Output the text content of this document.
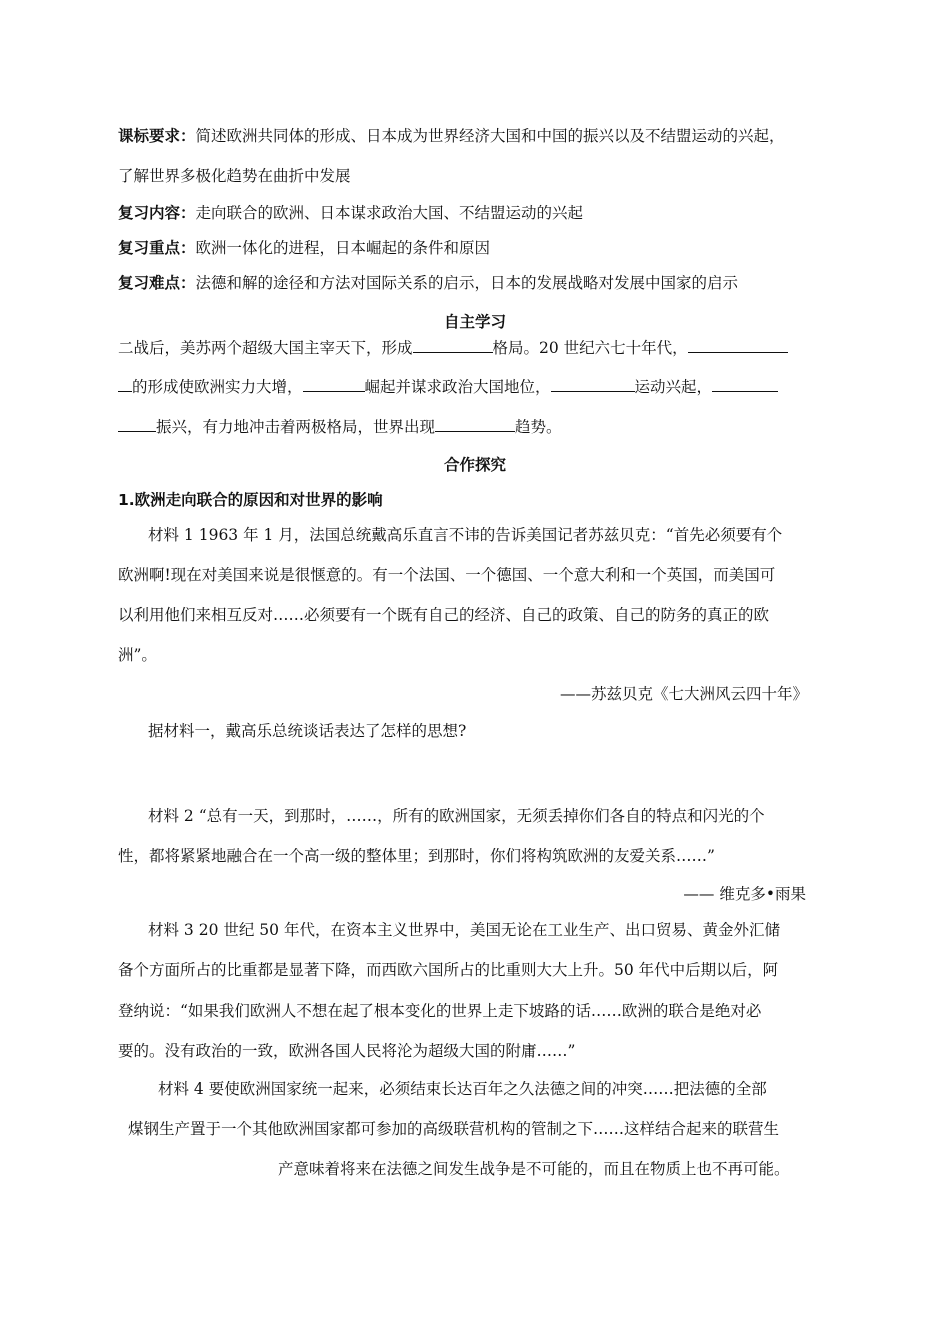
课标要求：简述欧洲共同体的形成、日本成为世界经济大国和中国的振兴以及不结盟运动的兴起，
了解世界多极化趋势在曲折中发展
复习内容：走向联合的欧洲、日本谋求政治大国、不结盟运动的兴起
复习重点：欧洲一体化的进程，日本崛起的条件和原因
复习难点：法德和解的途径和方法对国际关系的启示，日本的发展战略对发展中国家的启示
自主学习
二战后，美苏两个超级大国主宰天下，形成	格局。20 世纪六七十年代，
的形成使欧洲实力大增，	崛起并谋求政治大国地位，	运动兴起，
振兴，有力地冲击着两极格局，世界出现	趋势。
合作探究
1.欧洲走向联合的原因和对世界的影响
材料 1 1963 年 1 月，法国总统戴高乐直言不讳的告诉美国记者苏兹贝克：“首先必须要有个
欧洲啊!现在对美国来说是很惬意的。有一个法国、一个德国、一个意大利和一个英国，而美国可
以利用他们来相互反对……必须要有一个既有自己的经济、自己的政策、自己的防务的真正的欧
洲”。
——苏兹贝克《七大洲风云四十年》
据材料一，戴高乐总统谈话表达了怎样的思想?
材料 2 “总有一天，到那时，……，所有的欧洲国家，无须丢掉你们各自的特点和闪光的个
性，都将紧紧地融合在一个高一级的整体里；到那时，你们将构筑欧洲的友爱关系……”
—— 维克多•雨果
材料 3 20 世纪 50 年代，在资本主义世界中，美国无论在工业生产、出口贸易、黄金外汇储
备个方面所占的比重都是显著下降，而西欧六国所占的比重则大大上升。50 年代中后期以后，阿
登纳说：“如果我们欧洲人不想在起了根本变化的世界上走下坡路的话……欧洲的联合是绝对必
要的。没有政治的一致，欧洲各国人民将沦为超级大国的附庸……”
材料 4 要使欧洲国家统一起来，必须结束长达百年之久法德之间的冲突……把法德的全部
煤钢生产置于一个其他欧洲国家都可参加的高级联营机构的管制之下……这样结合起来的联营生
产意味着将来在法德之间发生战争是不可能的，而且在物质上也不再可能。
